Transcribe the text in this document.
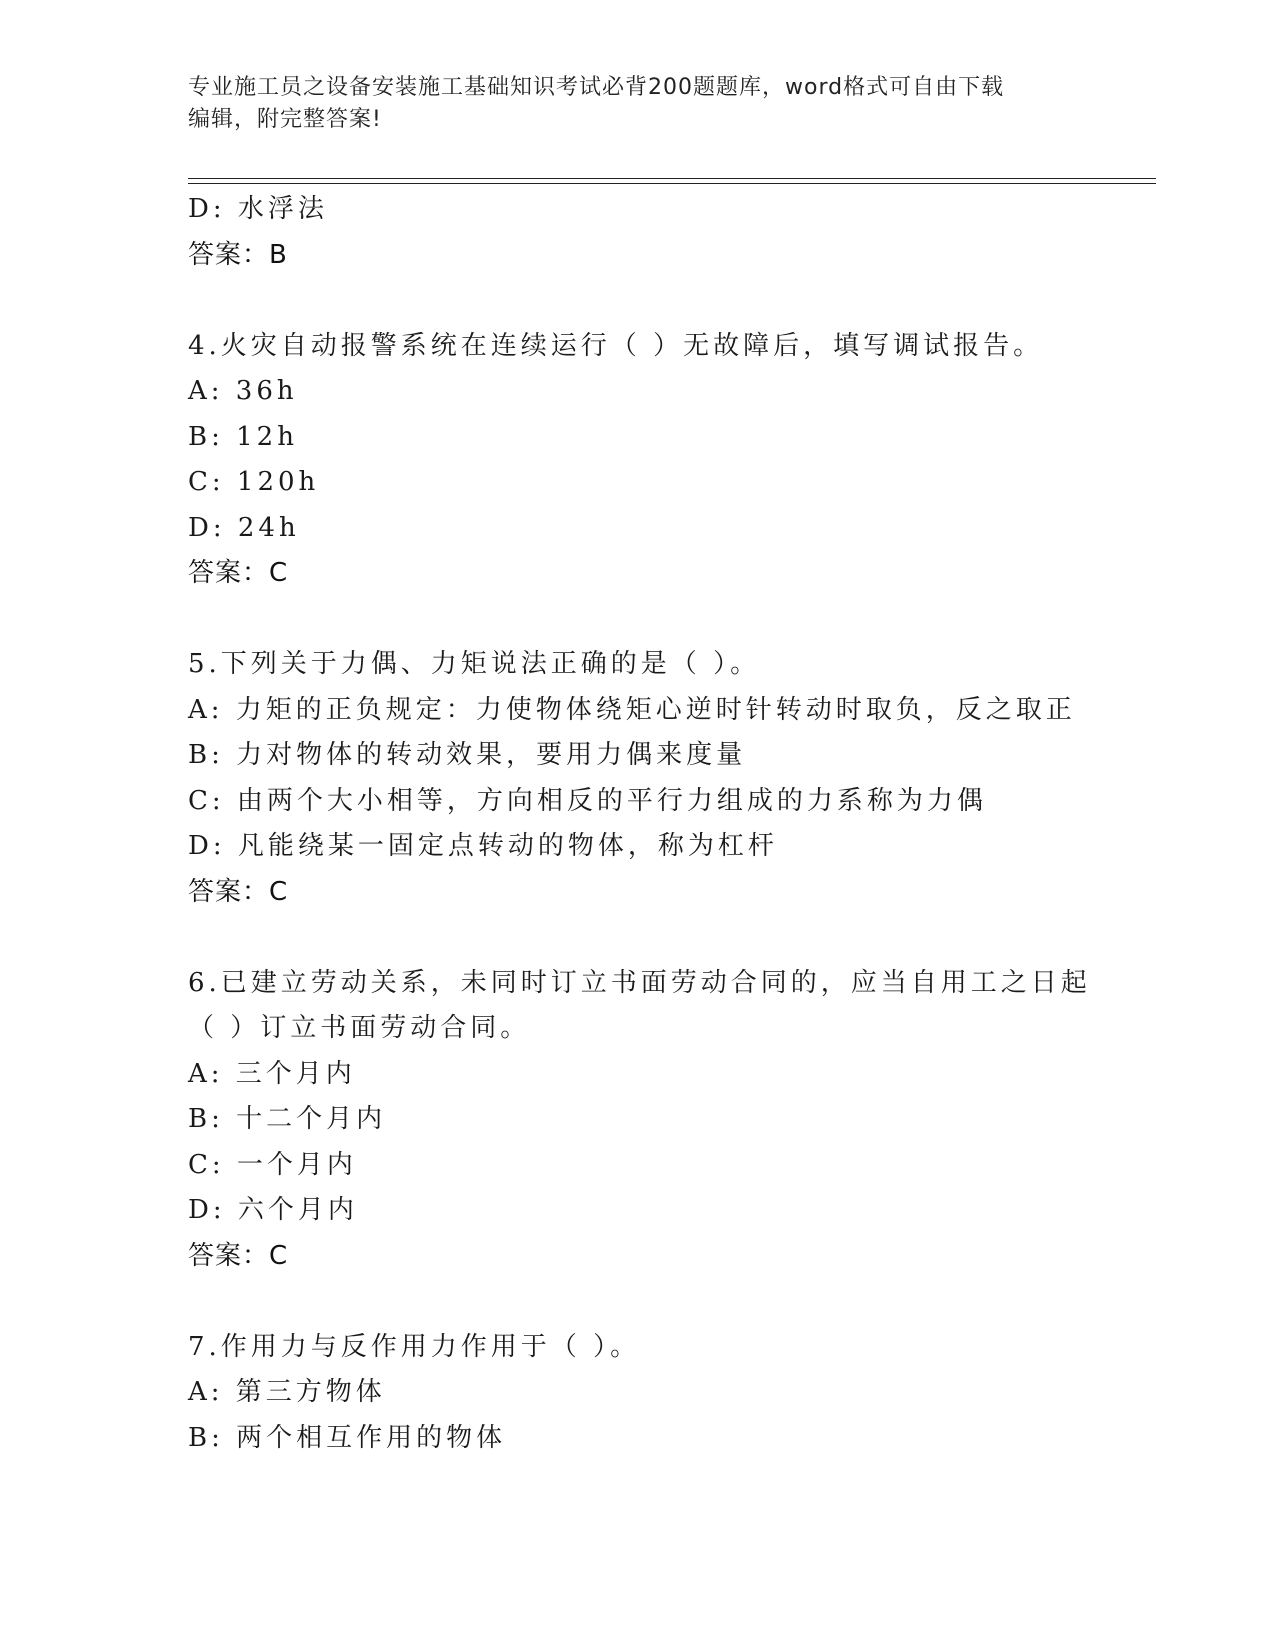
专业施工员之设备安装施工基础知识考试必背200题题库，word格式可自由下载
编辑，附完整答案!
D: 水浮法
答案：B
4.火灾自动报警系统在连续运行（ ）无故障后，填写调试报告。
A: 36h
B: 12h
C: 120h
D: 24h
答案：C
5.下列关于力偶、力矩说法正确的是（ ）。
A: 力矩的正负规定：力使物体绕矩心逆时针转动时取负，反之取正
B: 力对物体的转动效果，要用力偶来度量
C: 由两个大小相等，方向相反的平行力组成的力系称为力偶
D: 凡能绕某一固定点转动的物体，称为杠杆
答案：C
6.已建立劳动关系，未同时订立书面劳动合同的，应当自用工之日起
（ ）订立书面劳动合同。
A: 三个月内
B: 十二个月内
C: 一个月内
D: 六个月内
答案：C
7.作用力与反作用力作用于（ ）。
A: 第三方物体
B: 两个相互作用的物体
